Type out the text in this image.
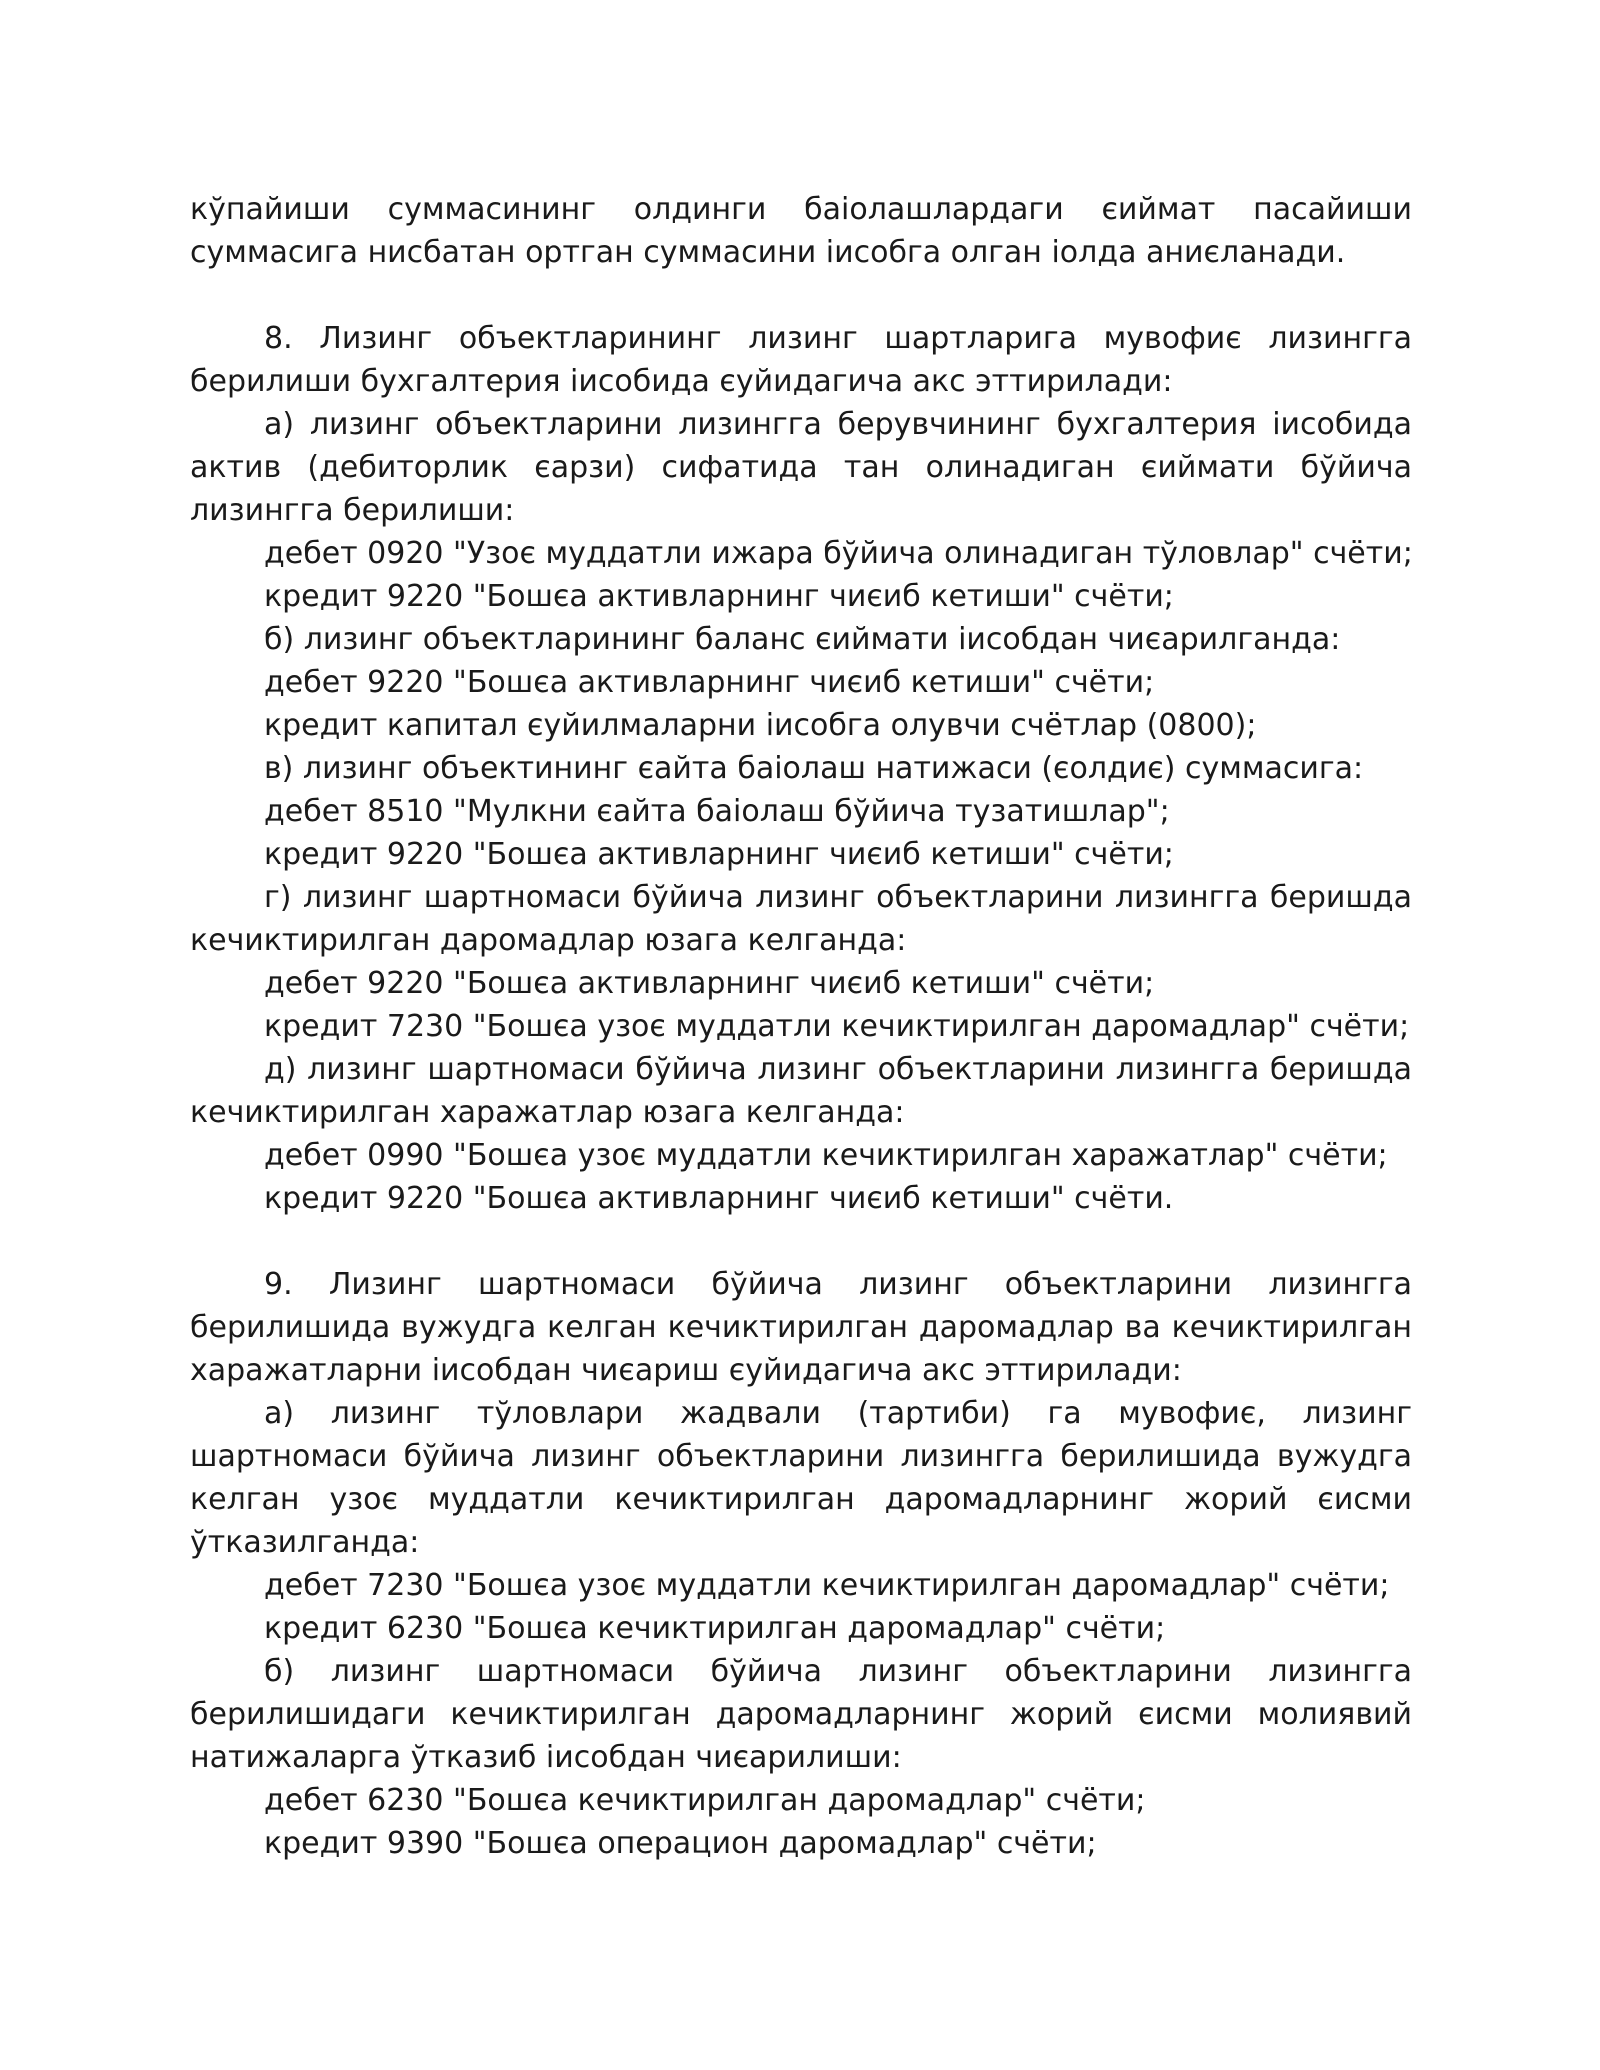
кўпайиши суммасининг олдинги баiолашлардаги єиймат пасайиши суммасига нисбатан ортган суммасини iисобга олган iолда аниєланади.

8. Лизинг объектларининг лизинг шартларига мувофиє лизингга берилиши бухгалтерия iисобида єуйидагича акс эттирилади:

а) лизинг объектларини лизингга берувчининг бухгалтерия iисобида актив (дебиторлик єарзи) сифатида тан олинадиган єиймати бўйича лизингга берилиши:

дебет 0920 "Узоє муддатли ижара бўйича олинадиган тўловлар" счёти;

кредит 9220 "Бошєа активларнинг чиєиб кетиши" счёти;

б) лизинг объектларининг баланс єиймати iисобдан чиєарилганда:

дебет 9220 "Бошєа активларнинг чиєиб кетиши" счёти;

кредит капитал єуйилмаларни iисобга олувчи счётлар (0800);

в) лизинг объектининг єайта баiолаш натижаси (єолдиє) суммасига:

дебет 8510 "Мулкни єайта баiолаш бўйича тузатишлар";

кредит 9220 "Бошєа активларнинг чиєиб кетиши" счёти;

г) лизинг шартномаси бўйича лизинг объектларини лизингга беришда кечиктирилган даромадлар юзага келганда:

дебет 9220 "Бошєа активларнинг чиєиб кетиши" счёти;

кредит 7230 "Бошєа узоє муддатли кечиктирилган даромадлар" счёти;

д) лизинг шартномаси бўйича лизинг объектларини лизингга беришда кечиктирилган харажатлар юзага келганда:

дебет 0990 "Бошєа узоє муддатли кечиктирилган харажатлар" счёти;

кредит 9220 "Бошєа активларнинг чиєиб кетиши" счёти.

9. Лизинг шартномаси бўйича лизинг объектларини лизингга берилишида вужудга келган кечиктирилган даромадлар ва кечиктирилган харажатларни iисобдан чиєариш єуйидагича акс эттирилади:

а) лизинг тўловлари жадвали (тартиби) га мувофиє, лизинг шартномаси бўйича лизинг объектларини лизингга берилишида вужудга келган узоє муддатли кечиктирилган даромадларнинг жорий єисми ўтказилганда:

дебет 7230 "Бошєа узоє муддатли кечиктирилган даромадлар" счёти;

кредит 6230 "Бошєа кечиктирилган даромадлар" счёти;

б) лизинг шартномаси бўйича лизинг объектларини лизингга берилишидаги кечиктирилган даромадларнинг жорий єисми молиявий натижаларга ўтказиб iисобдан чиєарилиши:

дебет 6230 "Бошєа кечиктирилган даромадлар" счёти;

кредит 9390 "Бошєа операцион даромадлар" счёти;
